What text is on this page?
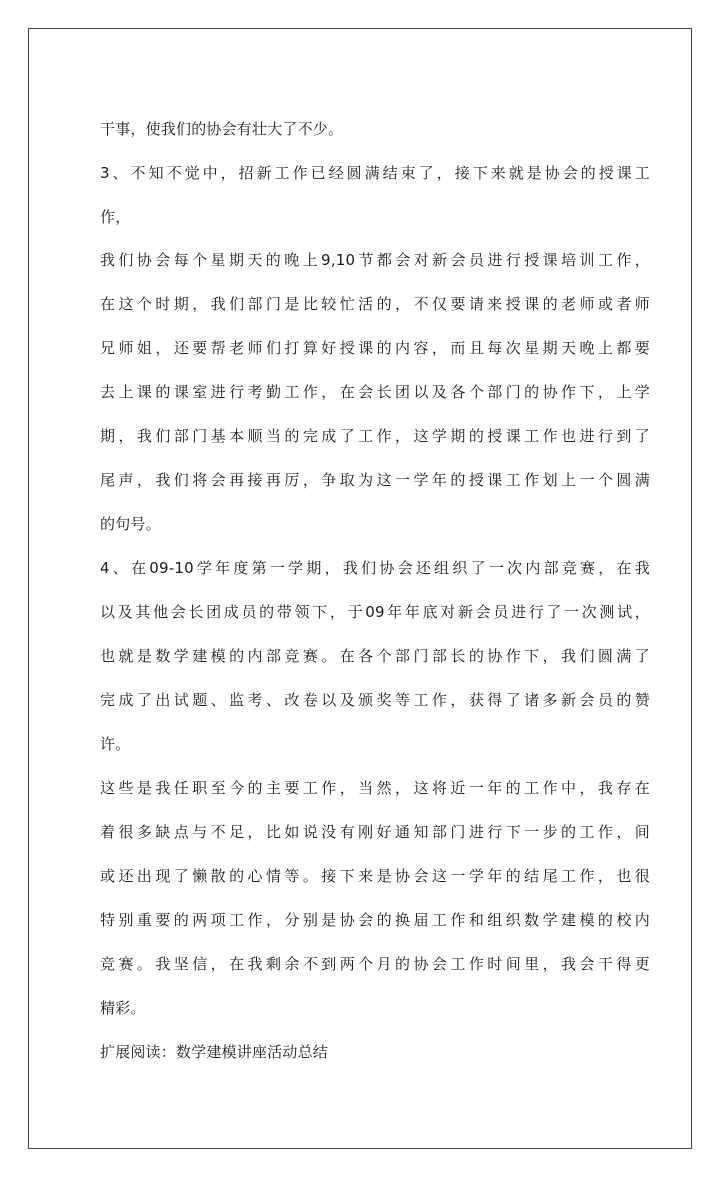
干事，使我们的协会有壮大了不少。

3、不知不觉中，招新工作已经圆满结束了，接下来就是协会的授课工

作，

我们协会每个星期天的晚上9,10节都会对新会员进行授课培训工作，

在这个时期，我们部门是比较忙活的，不仅要请来授课的老师或者师

兄师姐，还要帮老师们打算好授课的内容，而且每次星期天晚上都要

去上课的课室进行考勤工作，在会长团以及各个部门的协作下，上学

期，我们部门基本顺当的完成了工作，这学期的授课工作也进行到了

尾声，我们将会再接再厉，争取为这一学年的授课工作划上一个圆满

的句号。

4、在09-10学年度第一学期，我们协会还组织了一次内部竞赛，在我

以及其他会长团成员的带领下，于09年年底对新会员进行了一次测试，

也就是数学建模的内部竞赛。在各个部门部长的协作下，我们圆满了

完成了出试题、监考、改卷以及颁奖等工作，获得了诸多新会员的赞

许。

这些是我任职至今的主要工作，当然，这将近一年的工作中，我存在

着很多缺点与不足，比如说没有刚好通知部门进行下一步的工作，间

或还出现了懒散的心情等。接下来是协会这一学年的结尾工作，也很

特别重要的两项工作，分别是协会的换届工作和组织数学建模的校内

竞赛。我坚信，在我剩余不到两个月的协会工作时间里，我会干得更

精彩。

扩展阅读：数学建模讲座活动总结
